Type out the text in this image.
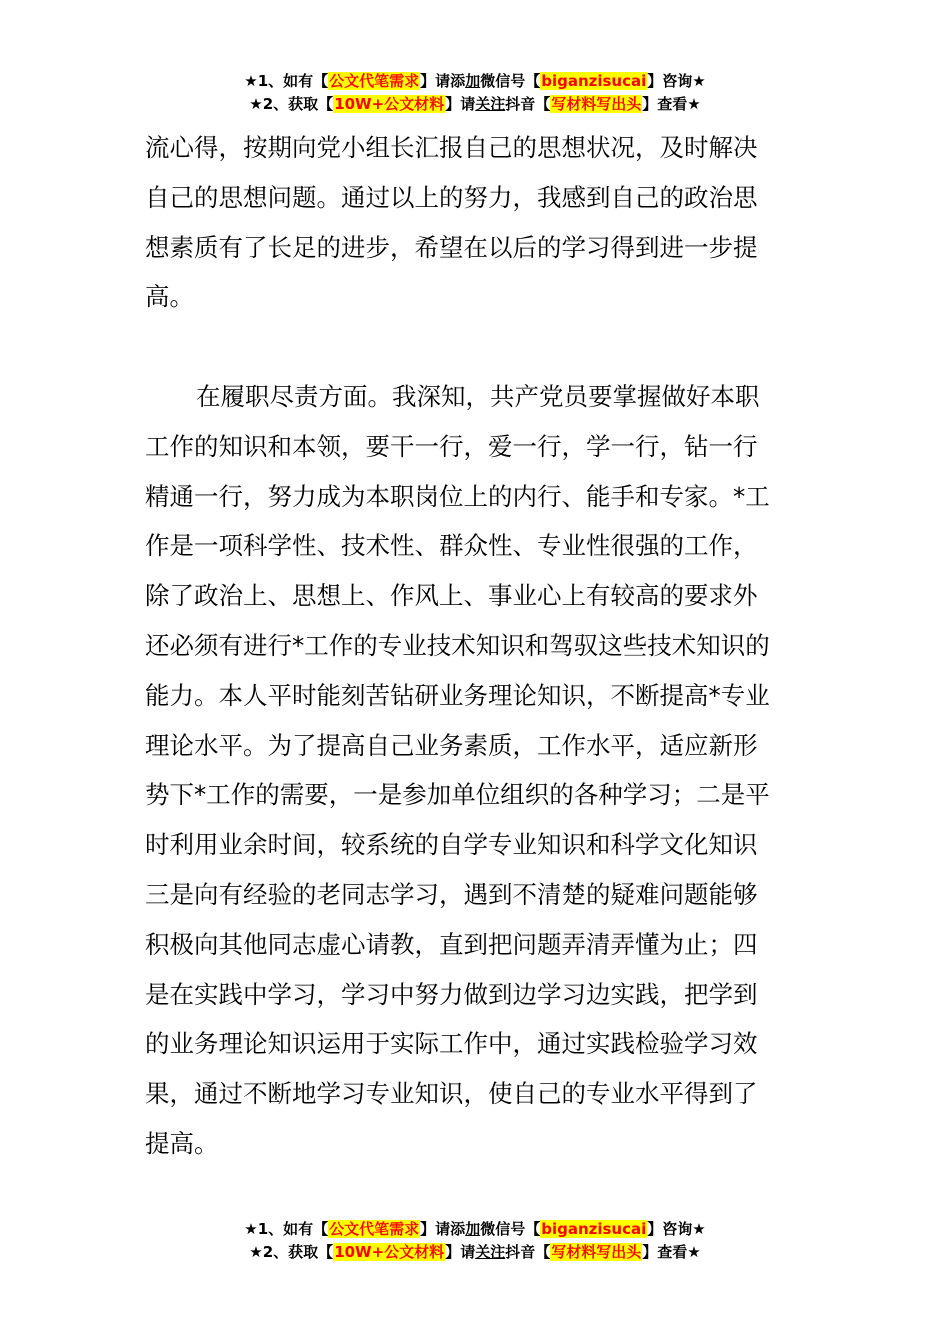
★1、如有【公文代笔需求】请添加微信号【biganzisucai】咨询★
★2、获取【10W+公文材料】请关注抖音【写材料写出头】查看★

流心得，按期向党小组长汇报自己的思想状况，及时解决
自己的思想问题。通过以上的努力，我感到自己的政治思
想素质有了长足的进步，希望在以后的学习得到进一步提
高。

在履职尽责方面。我深知，共产党员要掌握做好本职
工作的知识和本领，要干一行，爱一行，学一行，钻一行
精通一行，努力成为本职岗位上的内行、能手和专家。*工
作是一项科学性、技术性、群众性、专业性很强的工作，
除了政治上、思想上、作风上、事业心上有较高的要求外
还必须有进行*工作的专业技术知识和驾驭这些技术知识的
能力。本人平时能刻苦钻研业务理论知识，不断提高*专业
理论水平。为了提高自己业务素质，工作水平，适应新形
势下*工作的需要，一是参加单位组织的各种学习；二是平
时利用业余时间，较系统的自学专业知识和科学文化知识
三是向有经验的老同志学习，遇到不清楚的疑难问题能够
积极向其他同志虚心请教，直到把问题弄清弄懂为止；四
是在实践中学习，学习中努力做到边学习边实践，把学到
的业务理论知识运用于实际工作中，通过实践检验学习效
果，通过不断地学习专业知识，使自己的专业水平得到了
提高。

★1、如有【公文代笔需求】请添加微信号【biganzisucai】咨询★
★2、获取【10W+公文材料】请关注抖音【写材料写出头】查看★
